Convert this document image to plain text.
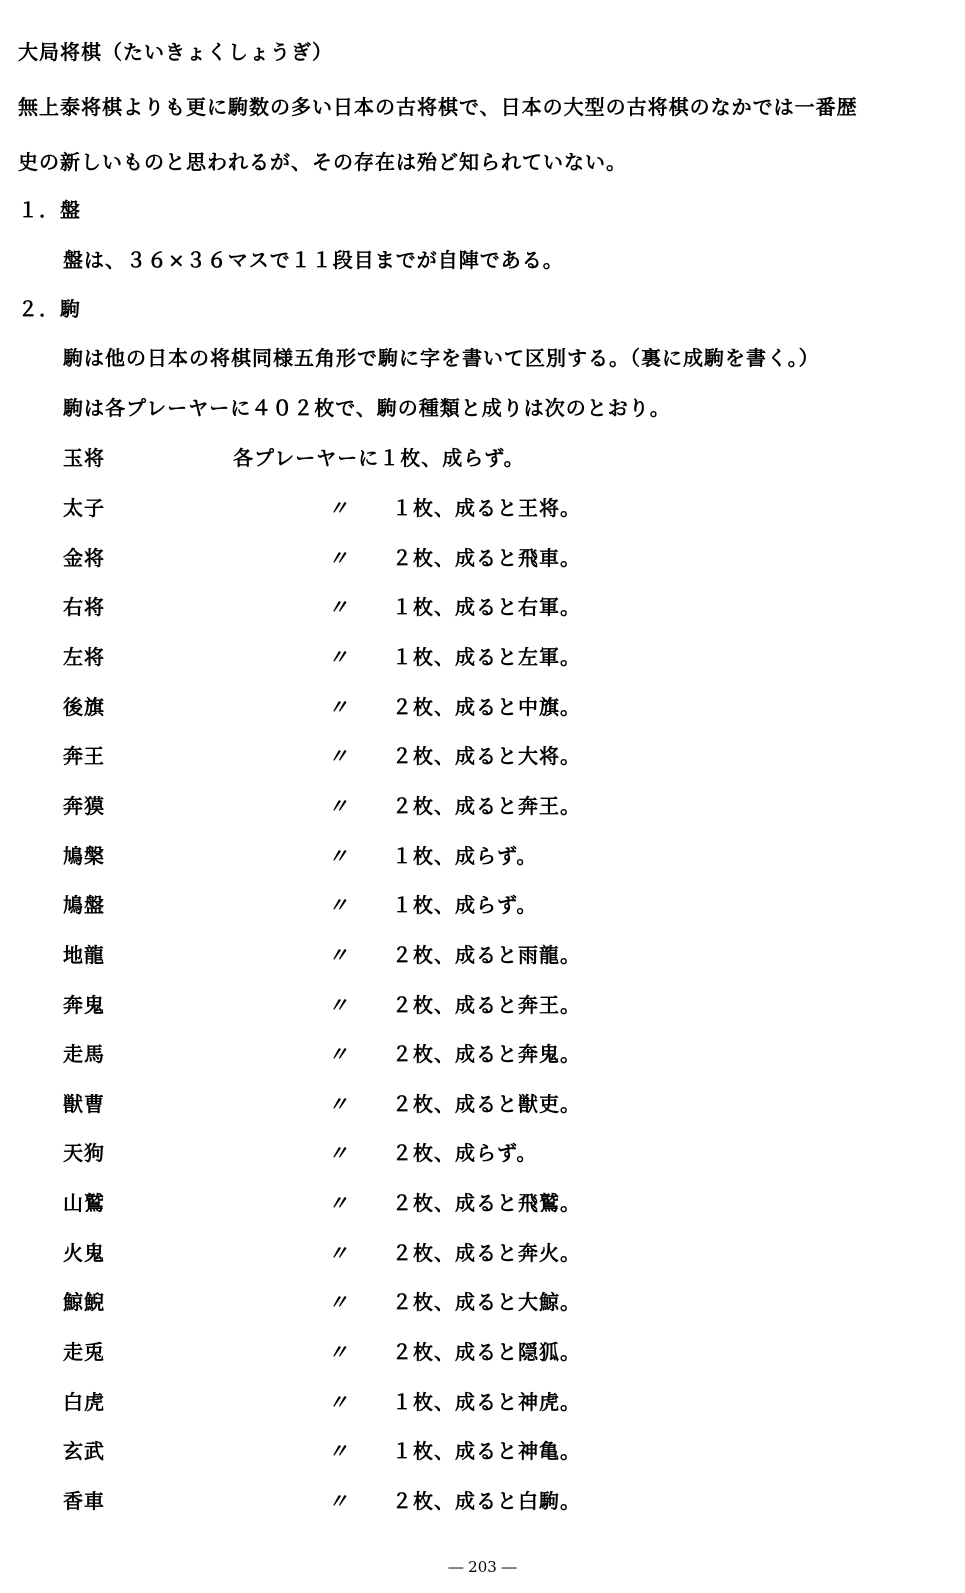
大局将棋（たいきょくしょうぎ）
無上泰将棋よりも更に駒数の多い日本の古将棋で、日本の大型の古将棋のなかでは一番歴
史の新しいものと思われるが、その存在は殆ど知られていない。
１．盤
盤は、３６×３６マスで１１段目までが自陣である。
２．駒
駒は他の日本の将棋同様五角形で駒に字を書いて区別する。（裏に成駒を書く。）
駒は各プレーヤーに４０２枚で、駒の種類と成りは次のとおり。
玉将	各プレーヤーに１枚、成らず。
太子	〃 １枚、成ると王将。
金将	〃 ２枚、成ると飛車。
右将	〃 １枚、成ると右軍。
左将	〃 １枚、成ると左軍。
後旗	〃 ２枚、成ると中旗。
奔王	〃 ２枚、成ると大将。
奔獏	〃 ２枚、成ると奔王。
鳩槃	〃 １枚、成らず。
鳩盤	〃 １枚、成らず。
地龍	〃 ２枚、成ると雨龍。
奔鬼	〃 ２枚、成ると奔王。
走馬	〃 ２枚、成ると奔鬼。
獣曹	〃 ２枚、成ると獣吏。
天狗	〃 ２枚、成らず。
山鷲	〃 ２枚、成ると飛鷲。
火鬼	〃 ２枚、成ると奔火。
鯨鯢	〃 ２枚、成ると大鯨。
走兎	〃 ２枚、成ると隠狐。
白虎	〃 １枚、成ると神虎。
玄武	〃 １枚、成ると神亀。
香車	〃 ２枚、成ると白駒。
― 203 ―
